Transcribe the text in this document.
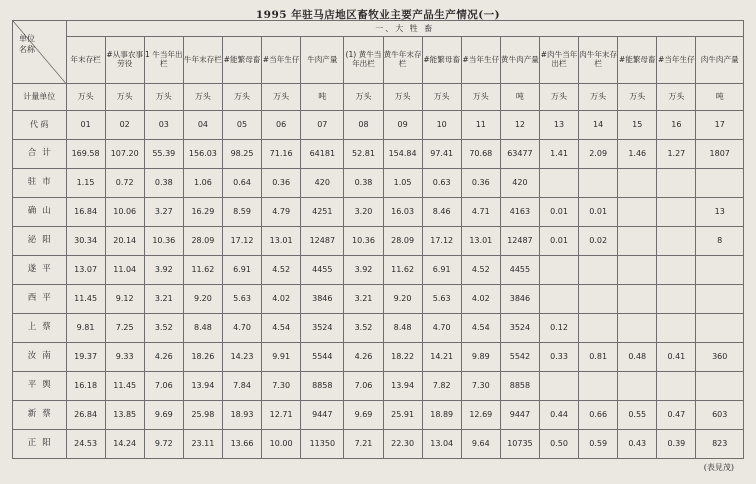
1995 年驻马店地区畜牧业主要产品生产情况(一)
单位名称	一、大 牲 畜																
	年末存栏	#从事农事劳役	1 牛当年出栏	牛年末存栏	#能繁母畜	#当年生仔	牛肉产量	(1) 黄牛当年出栏	黄牛年末存栏	#能繁母畜	#当年生仔	黄牛肉产量	#肉牛当年出栏	肉牛年末存栏	#能繁母畜	#当年生仔	肉牛肉产量
计量单位	万头	万头	万头	万头	万头	万头	吨	万头	万头	万头	万头	吨	万头	万头	万头	万头	吨
代 码	01	02	03	04	05	06	07	08	09	10	11	12	13	14	15	16	17
合计	169.58	107.20	55.39	156.03	98.25	71.16	64181	52.81	154.84	97.41	70.68	63477	1.41	2.09	1.46	1.27	1807
驻市	1.15	0.72	0.38	1.06	0.64	0.36	420	0.38	1.05	0.63	0.36	420					
确山	16.84	10.06	3.27	16.29	8.59	4.79	4251	3.20	16.03	8.46	4.71	4163	0.01	0.01			13
泌阳	30.34	20.14	10.36	28.09	17.12	13.01	12487	10.36	28.09	17.12	13.01	12487	0.01	0.02			8
遂平	13.07	11.04	3.92	11.62	6.91	4.52	4455	3.92	11.62	6.91	4.52	4455					
西平	11.45	9.12	3.21	9.20	5.63	4.02	3846	3.21	9.20	5.63	4.02	3846					
上蔡	9.81	7.25	3.52	8.48	4.70	4.54	3524	3.52	8.48	4.70	4.54	3524	0.12				
汝南	19.37	9.33	4.26	18.26	14.23	9.91	5544	4.26	18.22	14.21	9.89	5542	0.33	0.81	0.48	0.41	360
平舆	16.18	11.45	7.06	13.94	7.84	7.30	8858	7.06	13.94	7.82	7.30	8858					
新蔡	26.84	13.85	9.69	25.98	18.93	12.71	9447	9.69	25.91	18.89	12.69	9447	0.44	0.66	0.55	0.47	603
正阳	24.53	14.24	9.72	23.11	13.66	10.00	11350	7.21	22.30	13.04	9.64	10735	0.50	0.59	0.43	0.39	823
(表見茂)
